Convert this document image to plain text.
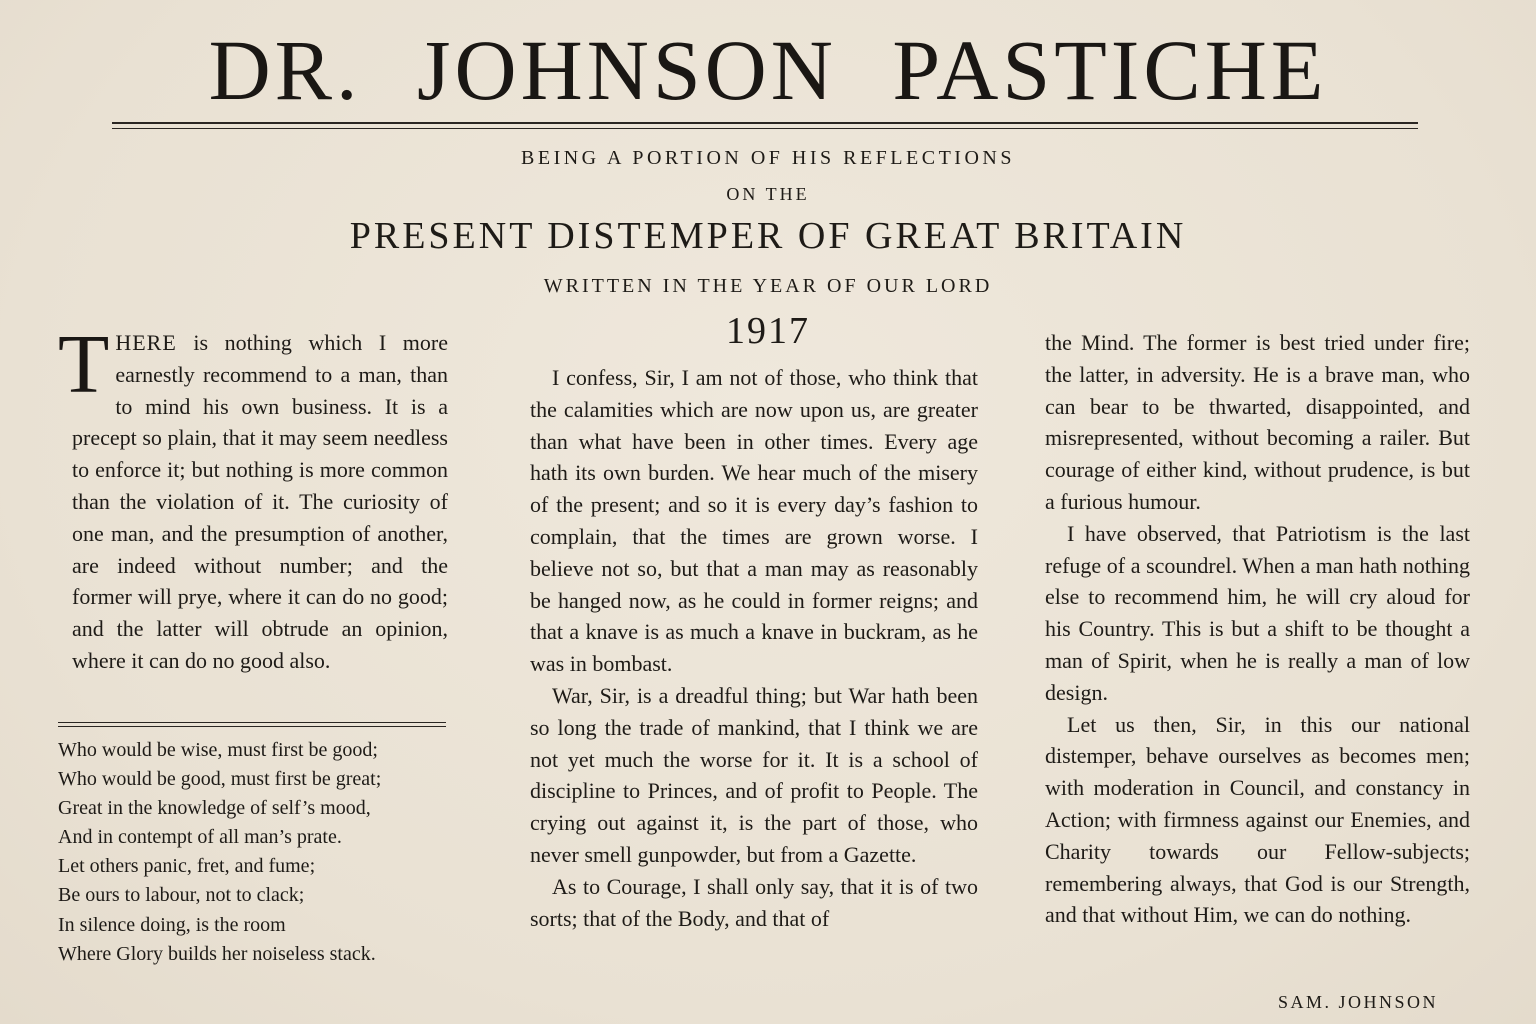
DR. JOHNSON PASTICHE
BEING A PORTION OF HIS REFLECTIONS
ON THE
PRESENT DISTEMPER OF GREAT BRITAIN
WRITTEN IN THE YEAR OF OUR LORD
1917

THERE is nothing which I more earnestly recommend to a man, than to mind his own business. It is a precept so plain, that it may seem needless to enforce it; but nothing is more common than the violation of it. The curiosity of one man, and the presumption of another, are indeed without number; and the former will prye, where it can do no good; and the latter will obtrude an opinion, where it can do no good also.

Who would be wise, must first be good;
Who would be good, must first be great;
Great in the knowledge of self’s mood,
And in contempt of all man’s prate.
Let others panic, fret, and fume;
Be ours to labour, not to clack;
In silence doing, is the room
Where Glory builds her noiseless stack.

I confess, Sir, I am not of those, who think that the calamities which are now upon us, are greater than what have been in other times. Every age hath its own burden. We hear much of the misery of the present; and so it is every day’s fashion to complain, that the times are grown worse. I believe not so, but that a man may as reasonably be hanged now, as he could in former reigns; and that a knave is as much a knave in buckram, as he was in bombast.

War, Sir, is a dreadful thing; but War hath been so long the trade of mankind, that I think we are not yet much the worse for it. It is a school of discipline to Princes, and of profit to People. The crying out against it, is the part of those, who never smell gunpowder, but from a Gazette.

As to Courage, I shall only say, that it is of two sorts; that of the Body, and that of

the Mind. The former is best tried under fire; the latter, in adversity. He is a brave man, who can bear to be thwarted, disappointed, and misrepresented, without becoming a railer. But courage of either kind, without prudence, is but a furious humour.

I have observed, that Patriotism is the last refuge of a scoundrel. When a man hath nothing else to recommend him, he will cry aloud for his Country. This is but a shift to be thought a man of Spirit, when he is really a man of low design.

Let us then, Sir, in this our national distemper, behave ourselves as becomes men; with moderation in Council, and constancy in Action; with firmness against our Enemies, and Charity towards our Fellow-subjects; remembering always, that God is our Strength, and that without Him, we can do nothing.

SAM. JOHNSON
